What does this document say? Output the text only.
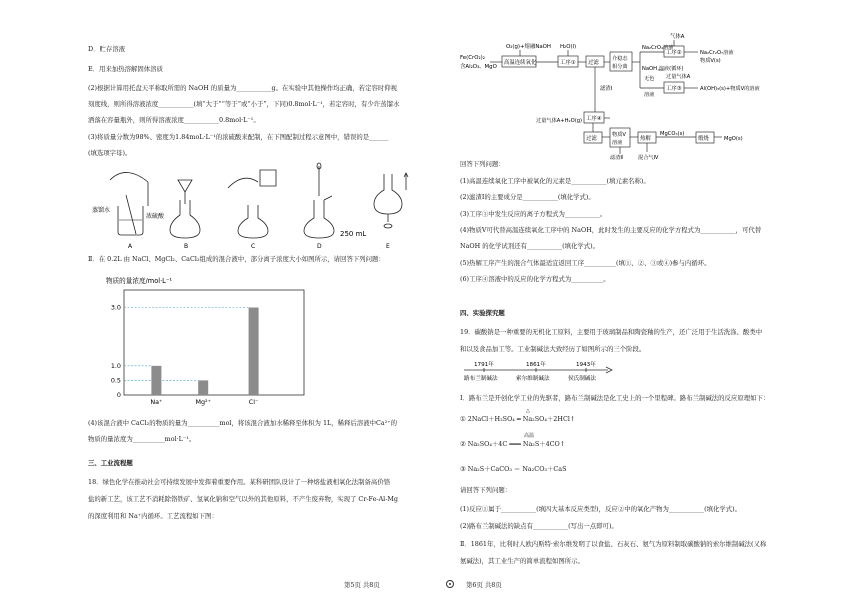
D．贮存溶液
E．用来加热溶解固体溶质
(2)根据计算用托盘天平称取所需的 NaOH 的质量为___________g。在实验中其他操作均正确，若定容时仰视
刻度线，则所得溶液浓度___________(填“大于”“等于”或“小于”，下同)0.8mol·L⁻¹，若定容时，有少许蒸馏水
洒落在容量瓶外，则所得溶液浓度___________0.8mol·L⁻¹。
(3)将质量分数为98%、密度为1.84moL·L⁻¹的浓硫酸来配制，在下图配制过程示意图中，错误的是______
(填选项字母)。
蒸馏水
浓硫酸
250 mL
A	B	C	D	E
Ⅱ．在 0.2L 由 NaCl、MgCl₂、CaCl₂组成的混合液中，部分离子浓度大小如图所示，请回答下列问题：
物质的量浓度/mol·L⁻¹
0
0.5
1.0
3.0
Na⁺	Mg²⁺	Cl⁻
(4)该混合液中 CaCl₂的物质的量为__________mol，将该混合液加水稀释至体积为 1L，稀释后溶液中Ca²⁺的
物质的量浓度为__________mol·L⁻¹。
三、工业流程题
18．绿色化学在推动社会可持续发展中发挥着重要作用。某科研团队设计了一种熔盐液相氧化法制备高价铬
盐的新工艺，该工艺不消耗除铬铁矿、氢氧化钠和空气以外的其他原料，不产生废弃物，实现了 Cr-Fe-Al-Mg
的深度利用和 Na⁺内循环。工艺流程如下图：
O₂(g)+熔融NaOH
Fe(CrO₂)₂
含Al₂O₃、MgO
高温连续氧化
H₂O(l)
工序① 过滤
介稳态
相分离
滤渣Ⅰ
气体A
Na₂CrO₄溶液
工序②	Na₂Cr₂O₇溶液
物质V(s)
NaOH 溶液(循环)
无色
溶液
过量气体A
工序③	Al(OH)₃(s)+物质V的溶液
过量气体A+H₂O(g) 工序④
过滤
物质Ⅴ
溶液
热解
MgCO₃(s)
煅烧	MgO(s)
滤渣Ⅱ	混合气Ⅳ
回答下列问题：
(1)高温连续氧化工序中被氧化的元素是___________(填元素名称)。
(2)滤渣Ⅰ的主要成分是___________(填化学式)。
(3)工序③中发生反应的离子方程式为___________。
(4)物质Ⅴ可代替高温连续氧化工序中的 NaOH，此时发生的主要反应的化学方程式为___________，可代替
NaOH 的化学试剂还有___________(填化学式)。
(5)热解工序产生的混合气体最适宜返回工序__________(填①、②、③或④)参与内循环。
(6)工序④溶液中的反应的化学方程式为__________。
四、实验探究题
19．碳酸钠是一种重要的无机化工原料，主要用于玻璃制品和陶瓷釉的生产，还广泛用于生活洗涤、酸类中
和以及食品加工等。工业制碱法大致经历了如图所示的三个阶段。
1791年	1861年	1943年
路布兰制碱法	索尔维制碱法	侯氏制碱法
Ⅰ．路布兰是开创化学工业的先驱者，路布兰制碱法是化工史上的一个里程碑。路布兰制碱法的反应原理如下：
① 2NaCl＋H₂SO₄ ═ Na₂SO₄＋2HCl↑
△
② Na₂SO₄＋4C ═══ Na₂S＋4CO↑
高温
③ Na₂S＋CaCO₃ ＝ Na₂CO₃＋CaS
请回答下列问题：
(1)反应①属于___________(填四大基本反应类型)，反应②中的氧化产物为___________(填化学式)。
(2)路布兰制碱法的缺点有___________(写出一点即可)。
Ⅱ．1861年，比利时人欧内斯特·索尔维发明了以食盐、石灰石、氨气为原料制取碳酸钠的索尔维制碱法(又称
氨碱法)，其工业生产的简单流程如图所示。
第5页 共8页	第6页 共8页
